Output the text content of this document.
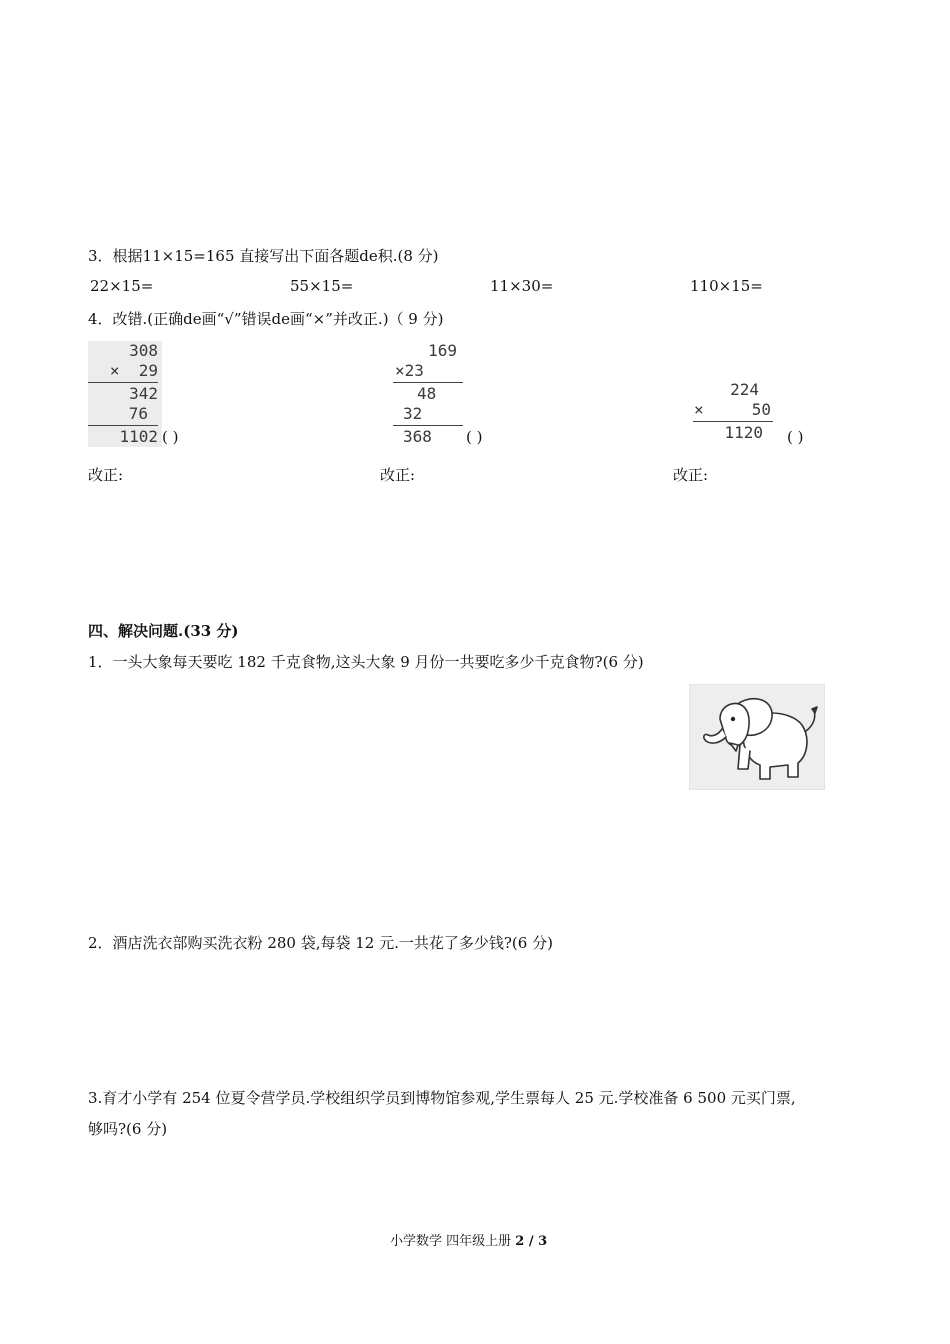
3．根据11×15=165 直接写出下面各题de积.(8 分)
22×15=	55×15=	11×30=	110×15=
4．改错.(正确de画“√”错误de画“×”并改正.)（ 9 分)
308
×  29
342
76
1102 ( )
169
×23
48
32
368	( )
224
×     50
1120	( )
改正:	改正:	改正:
四、解决问题.(33 分)
1．一头大象每天要吃 182 千克食物,这头大象 9 月份一共要吃多少千克食物?(6 分)
2．酒店洗衣部购买洗衣粉 280 袋,每袋 12 元.一共花了多少钱?(6 分)
3.育才小学有 254 位夏令营学员.学校组织学员到博物馆参观,学生票每人 25 元.学校准备 6 500 元买门票,
够吗?(6 分)
小学数学 四年级上册 2 / 3
